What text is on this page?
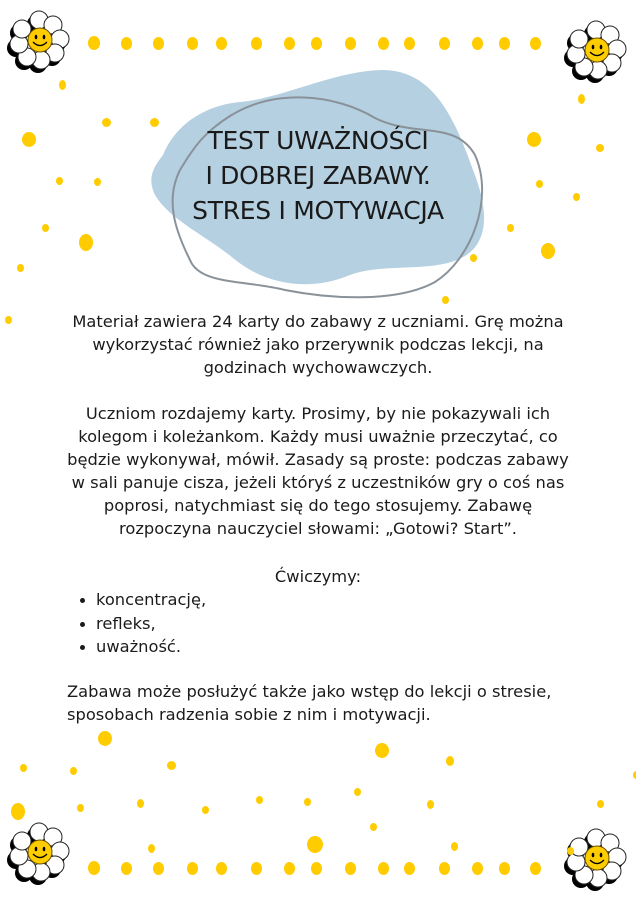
TEST UWAŻNOŚCI
I DOBREJ ZABAWY.
STRES I MOTYWACJA

Materiał zawiera 24 karty do zabawy z uczniami. Grę można wykorzystać również jako przerywnik podczas lekcji, na godzinach wychowawczych.

Uczniom rozdajemy karty. Prosimy, by nie pokazywali ich kolegom i koleżankom. Każdy musi uważnie przeczytać, co będzie wykonywał, mówił. Zasady są proste: podczas zabawy w sali panuje cisza, jeżeli któryś z uczestników gry o coś nas poprosi, natychmiast się do tego stosujemy. Zabawę rozpoczyna nauczyciel słowami: „Gotowi? Start”.

Ćwiczymy:

koncentrację,
refleks,
uważność.

Zabawa może posłużyć także jako wstęp do lekcji o stresie, sposobach radzenia sobie z nim i motywacji.
